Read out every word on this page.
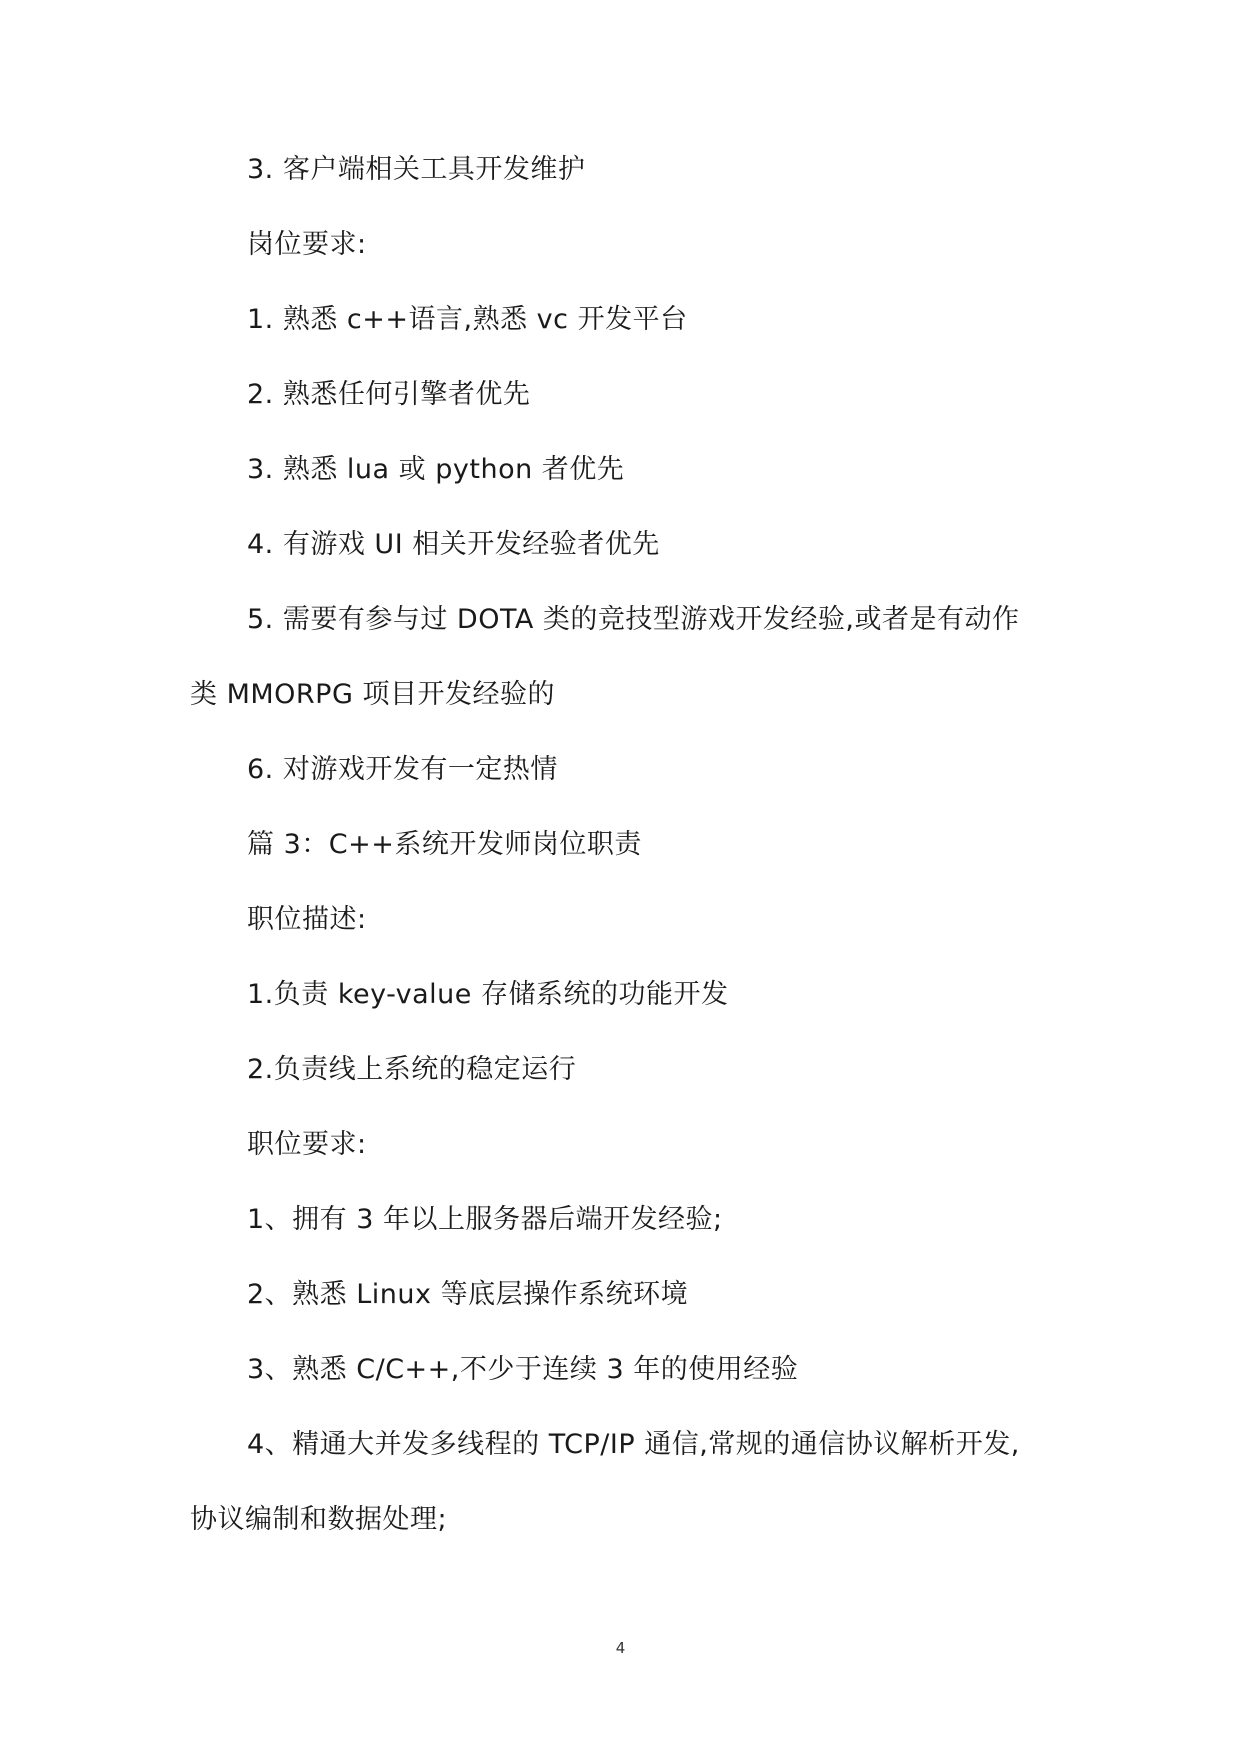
3. 客户端相关工具开发维护
岗位要求:
1. 熟悉 c++语言,熟悉 vc 开发平台
2. 熟悉任何引擎者优先
3. 熟悉 lua 或 python 者优先
4. 有游戏 UI 相关开发经验者优先
5. 需要有参与过 DOTA 类的竞技型游戏开发经验,或者是有动作
类 MMORPG 项目开发经验的
6. 对游戏开发有一定热情
篇 3：C++系统开发师岗位职责
职位描述:
1.负责 key-value 存储系统的功能开发
2.负责线上系统的稳定运行
职位要求:
1、拥有 3 年以上服务器后端开发经验;
2、熟悉 Linux 等底层操作系统环境
3、熟悉 C/C++,不少于连续 3 年的使用经验
4、精通大并发多线程的 TCP/IP 通信,常规的通信协议解析开发,
协议编制和数据处理;
4
